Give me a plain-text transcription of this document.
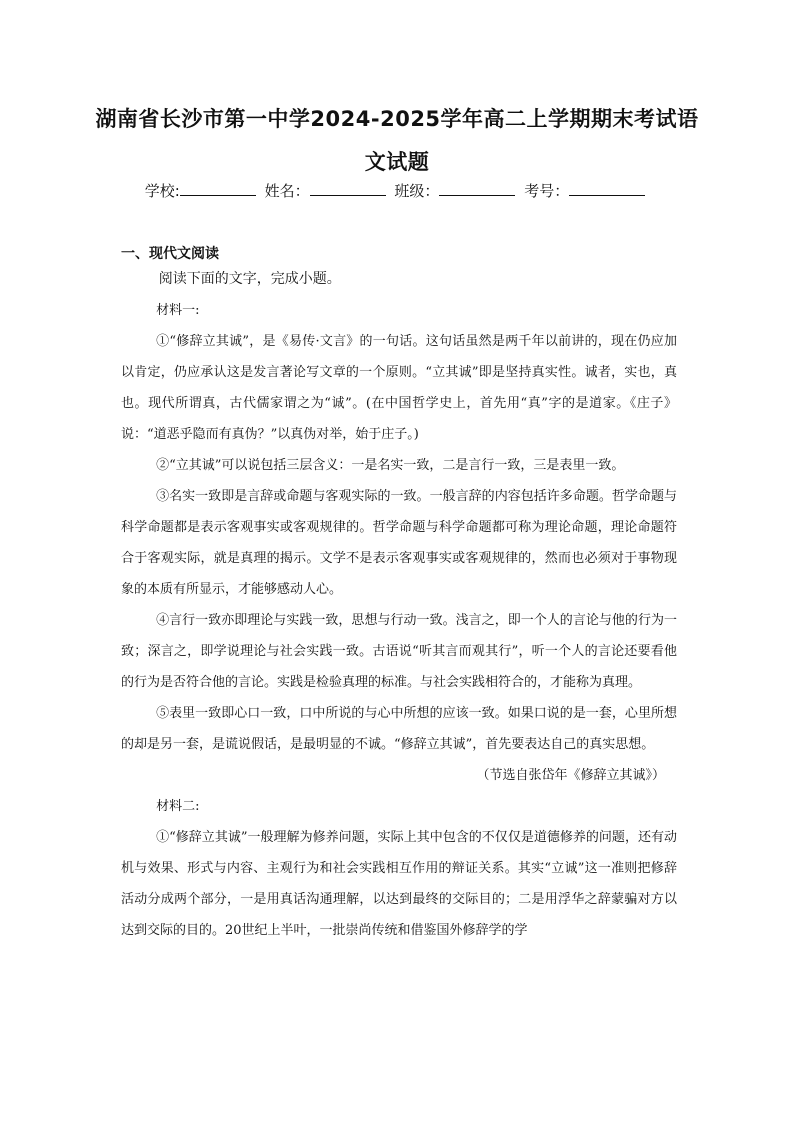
湖南省长沙市第一中学2024-2025学年高二上学期期末考试语
文试题
学校:	姓名：	班级：	考号：
一、现代文阅读

阅读下面的文字，完成小题。

材料一:

①“修辞立其诚”，是《易传·文言》的一句话。这句话虽然是两千年以前讲的，现在仍应加以肯定，仍应承认这是发言著论写文章的一个原则。“立其诚”即是坚持真实性。诚者，实也，真也。现代所谓真，古代儒家谓之为“诚”。(在中国哲学史上，首先用“真”字的是道家。《庄子》说：“道恶乎隐而有真伪？”以真伪对举，始于庄子。)

②“立其诚”可以说包括三层含义：一是名实一致，二是言行一致，三是表里一致。

③名实一致即是言辞或命题与客观实际的一致。一般言辞的内容包括许多命题。哲学命题与科学命题都是表示客观事实或客观规律的。哲学命题与科学命题都可称为理论命题，理论命题符合于客观实际，就是真理的揭示。文学不是表示客观事实或客观规律的，然而也必须对于事物现象的本质有所显示，才能够感动人心。

④言行一致亦即理论与实践一致，思想与行动一致。浅言之，即一个人的言论与他的行为一致；深言之，即学说理论与社会实践一致。古语说“听其言而观其行”，听一个人的言论还要看他的行为是否符合他的言论。实践是检验真理的标准。与社会实践相符合的，才能称为真理。

⑤表里一致即心口一致，口中所说的与心中所想的应该一致。如果口说的是一套，心里所想的却是另一套，是谎说假话，是最明显的不诚。“修辞立其诚”，首先要表达自己的真实思想。

（节选自张岱年《修辞立其诚》）

材料二:

①“修辞立其诚”一般理解为修养问题，实际上其中包含的不仅仅是道德修养的问题，还有动机与效果、形式与内容、主观行为和社会实践相互作用的辩证关系。其实“立诚”这一准则把修辞活动分成两个部分，一是用真话沟通理解，以达到最终的交际目的；二是用浮华之辞蒙骗对方以达到交际的目的。20世纪上半叶，一批崇尚传统和借鉴国外修辞学的学
